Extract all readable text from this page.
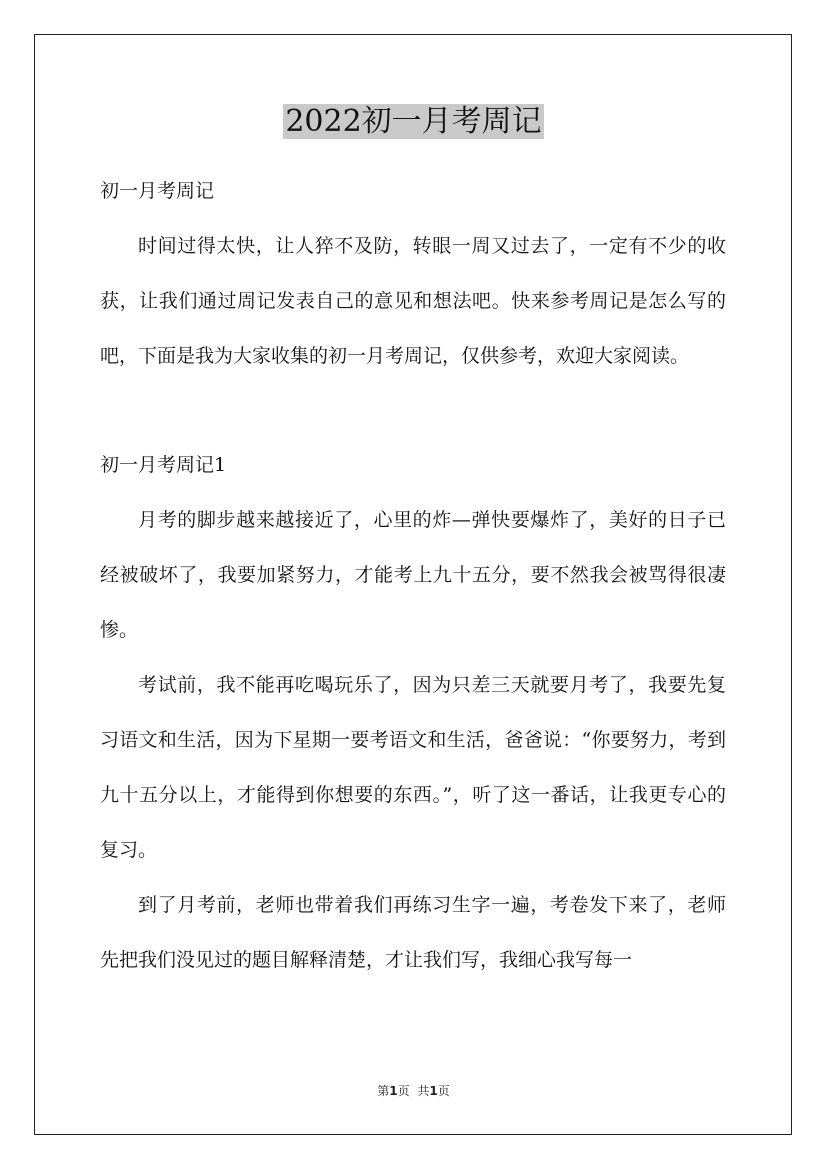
2022初一月考周记

初一月考周记

时间过得太快，让人猝不及防，转眼一周又过去了，一定有不少的收获，让我们通过周记发表自己的意见和想法吧。快来参考周记是怎么写的吧，下面是我为大家收集的初一月考周记，仅供参考，欢迎大家阅读。

初一月考周记1

月考的脚步越来越接近了，心里的炸—弹快要爆炸了，美好的日子已经被破坏了，我要加紧努力，才能考上九十五分，要不然我会被骂得很凄惨。

考试前，我不能再吃喝玩乐了，因为只差三天就要月考了，我要先复习语文和生活，因为下星期一要考语文和生活，爸爸说：“你要努力，考到九十五分以上，才能得到你想要的东西。”，听了这一番话，让我更专心的复习。

到了月考前，老师也带着我们再练习生字一遍，考卷发下来了，老师先把我们没见过的题目解释清楚，才让我们写，我细心我写每一

第1页 共1页
